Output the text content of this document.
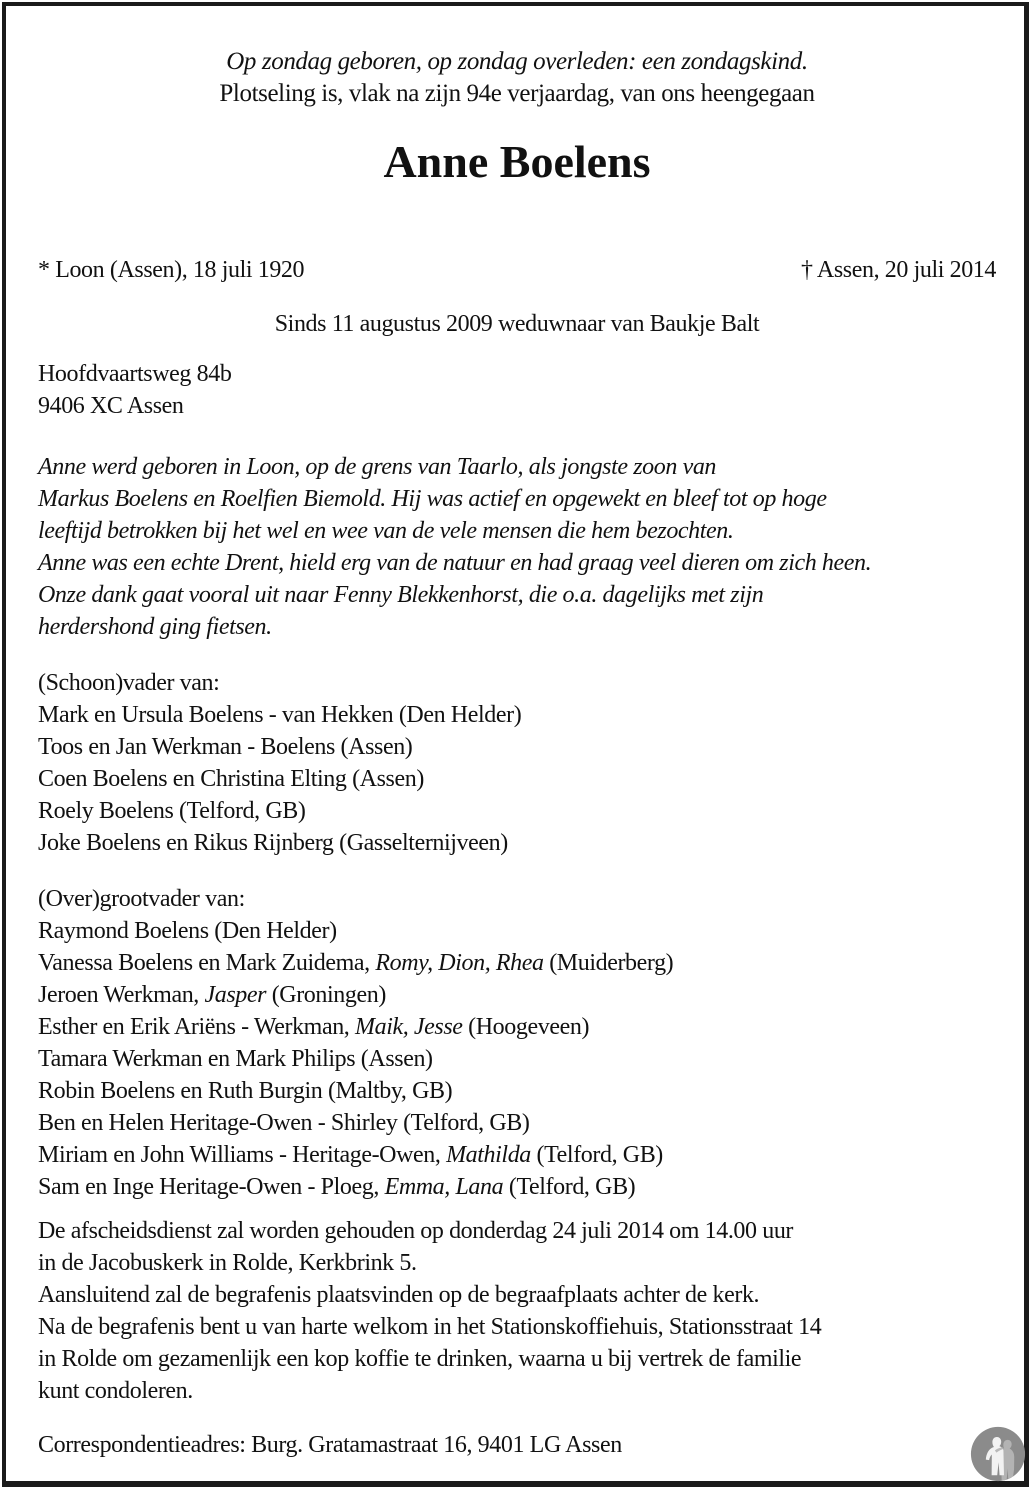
Op zondag geboren, op zondag overleden: een zondagskind.
Plotseling is, vlak na zijn 94e verjaardag, van ons heengegaan
Anne Boelens
* Loon (Assen), 18 juli 1920	† Assen, 20 juli 2014
Sinds 11 augustus 2009 weduwnaar van Baukje Balt
Hoofdvaartsweg 84b
9406 XC Assen
Anne werd geboren in Loon, op de grens van Taarlo, als jongste zoon van
Markus Boelens en Roelfien Biemold. Hij was actief en opgewekt en bleef tot op hoge
leeftijd betrokken bij het wel en wee van de vele mensen die hem bezochten.
Anne was een echte Drent, hield erg van de natuur en had graag veel dieren om zich heen.
Onze dank gaat vooral uit naar Fenny Blekkenhorst, die o.a. dagelijks met zijn
herdershond ging fietsen.
(Schoon)vader van:
Mark en Ursula Boelens - van Hekken (Den Helder)
Toos en Jan Werkman - Boelens (Assen)
Coen Boelens en Christina Elting (Assen)
Roely Boelens (Telford, GB)
Joke Boelens en Rikus Rijnberg (Gasselternijveen)
(Over)grootvader van:
Raymond Boelens (Den Helder)
Vanessa Boelens en Mark Zuidema, Romy, Dion, Rhea (Muiderberg)
Jeroen Werkman, Jasper (Groningen)
Esther en Erik Ariëns - Werkman, Maik, Jesse (Hoogeveen)
Tamara Werkman en Mark Philips (Assen)
Robin Boelens en Ruth Burgin (Maltby, GB)
Ben en Helen Heritage-Owen - Shirley (Telford, GB)
Miriam en John Williams - Heritage-Owen, Mathilda (Telford, GB)
Sam en Inge Heritage-Owen - Ploeg, Emma, Lana (Telford, GB)
De afscheidsdienst zal worden gehouden op donderdag 24 juli 2014 om 14.00 uur
in de Jacobuskerk in Rolde, Kerkbrink 5.
Aansluitend zal de begrafenis plaatsvinden op de begraafplaats achter de kerk.
Na de begrafenis bent u van harte welkom in het Stationskoffiehuis, Stationsstraat 14
in Rolde om gezamenlijk een kop koffie te drinken, waarna u bij vertrek de familie
kunt condoleren.
Correspondentieadres: Burg. Gratamastraat 16, 9401 LG Assen
